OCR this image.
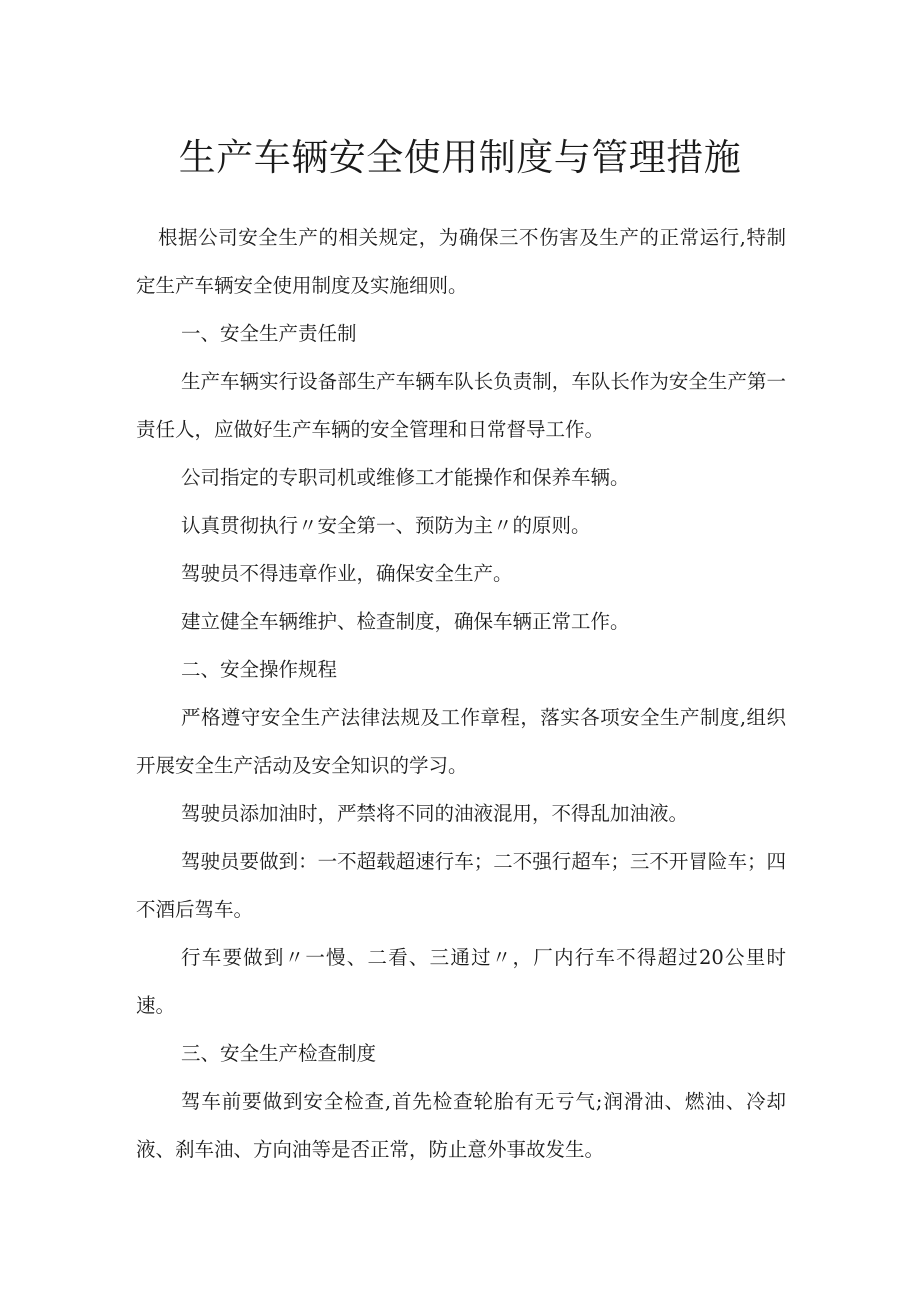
生产车辆安全使用制度与管理措施

根据公司安全生产的相关规定，为确保三不伤害及生产的正常运行,特制定生产车辆安全使用制度及实施细则。

一、安全生产责任制

生产车辆实行设备部生产车辆车队长负责制，车队长作为安全生产第一责任人，应做好生产车辆的安全管理和日常督导工作。

公司指定的专职司机或维修工才能操作和保养车辆。

认真贯彻执行〃安全第一、预防为主〃的原则。

驾驶员不得违章作业，确保安全生产。

建立健全车辆维护、检查制度，确保车辆正常工作。

二、安全操作规程

严格遵守安全生产法律法规及工作章程，落实各项安全生产制度,组织开展安全生产活动及安全知识的学习。

驾驶员添加油时，严禁将不同的油液混用，不得乱加油液。

驾驶员要做到：一不超载超速行车；二不强行超车；三不开冒险车；四不酒后驾车。

行车要做到〃一慢、二看、三通过〃，厂内行车不得超过20公里时速。

三、安全生产检查制度

驾车前要做到安全检查,首先检查轮胎有无亏气;润滑油、燃油、冷却液、刹车油、方向油等是否正常，防止意外事故发生。
